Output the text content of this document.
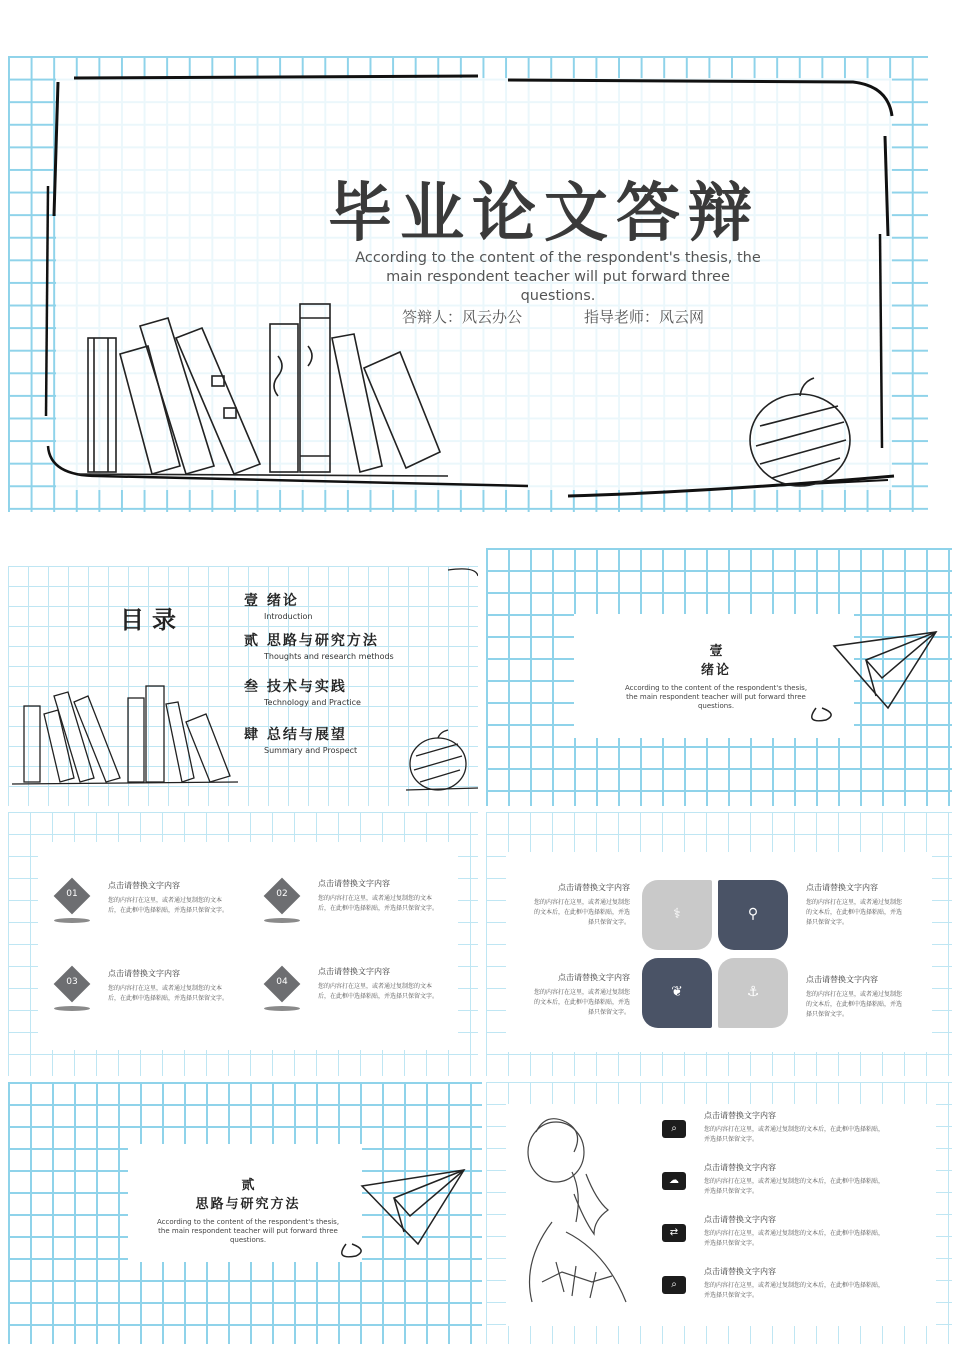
毕业论文答辩
According to the content of the respondent's thesis, the
main respondent teacher will put forward three questions.
答辩人：风云办公	指导老师：风云网
目录
壹 绪论
Introduction
贰 思路与研究方法
Thoughts and research methods
叁 技术与实践
Technology and Practice
肆 总结与展望
Summary and Prospect
壹
绪论
According to the content of the respondent's thesis,
the main respondent teacher will put forward three
questions.
01
点击请替换文字内容
您的内容打在这里，或者通过复制您的文本
后，在此框中选择粘贴，并选择只保留文字。
02
点击请替换文字内容
您的内容打在这里，或者通过复制您的文本
后，在此框中选择粘贴，并选择只保留文字。
03
点击请替换文字内容
您的内容打在这里，或者通过复制您的文本
后，在此框中选择粘贴，并选择只保留文字。
04
点击请替换文字内容
您的内容打在这里，或者通过复制您的文本
后，在此框中选择粘贴，并选择只保留文字。
点击请替换文字内容
您的内容打在这里，或者通过复制您
的文本后，在此框中选择粘贴，并选
择只保留文字。
点击请替换文字内容
您的内容打在这里，或者通过复制您
的文本后，在此框中选择粘贴，并选
择只保留文字。
点击请替换文字内容
您的内容打在这里，或者通过复制您
的文本后，在此框中选择粘贴，并选
择只保留文字。
点击请替换文字内容
您的内容打在这里，或者通过复制您
的文本后，在此框中选择粘贴，并选
择只保留文字。
⚕	⚲
❦	⚓
贰
思路与研究方法
According to the content of the respondent's thesis,
the main respondent teacher will put forward three
questions.
⌕
点击请替换文字内容
您的内容打在这里，或者通过复制您的文本后，在此框中选择粘贴，
并选择只保留文字。
☁
点击请替换文字内容
您的内容打在这里，或者通过复制您的文本后，在此框中选择粘贴，
并选择只保留文字。
⇄
点击请替换文字内容
您的内容打在这里，或者通过复制您的文本后，在此框中选择粘贴，
并选择只保留文字。
⌕
点击请替换文字内容
您的内容打在这里，或者通过复制您的文本后，在此框中选择粘贴，
并选择只保留文字。
